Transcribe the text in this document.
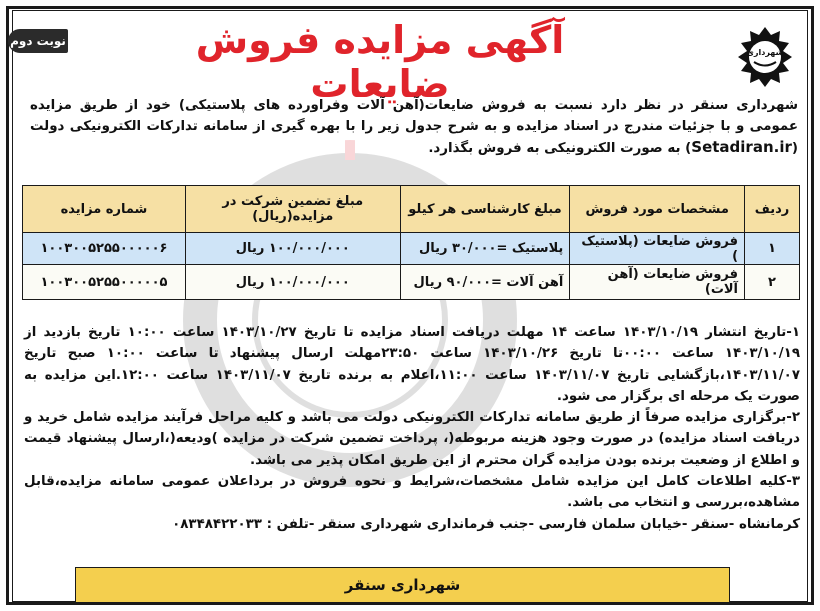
نوبت دوم	آگهی مزایده فروش ضایعات
شهرداری
شهرداری سنقر در نظر دارد نسبت به فروش ضایعات(آهن آلات وفراورده های پلاستیکی) خود از طریق مزایده عمومی و با جزئیات مندرج در اسناد مزایده و به شرح جدول زیر را با بهره گیری از سامانه تدارکات الکترونیکی دولت (Setadiran.ir) به صورت الکترونیکی به فروش بگذارد.
ردیف	مشخصات مورد فروش	مبلغ کارشناسی هر کیلو	مبلغ تضمین شرکت در مزایده(ریال)	شماره مزایده
۱	فروش ضایعات (پلاستیک )	پلاستیک =۳۰/۰۰۰ ریال	۱۰۰/۰۰۰/۰۰۰ ریال	۱۰۰۳۰۰۵۲۵۵۰۰۰۰۰۶
۲	فروش ضایعات (آهن آلات)	آهن آلات =۹۰/۰۰۰ ریال	۱۰۰/۰۰۰/۰۰۰ ریال	۱۰۰۳۰۰۵۲۵۵۰۰۰۰۰۵

۱-تاریخ انتشار ۱۴۰۳/۱۰/۱۹ ساعت ۱۴ مهلت دریافت اسناد مزایده تا تاریخ ۱۴۰۳/۱۰/۲۷ ساعت ۱۰:۰۰ تاریخ بازدید از ۱۴۰۳/۱۰/۱۹ ساعت ۰۰:۰۰تا تاریخ ۱۴۰۳/۱۰/۲۶ ساعت ۲۳:۵۰مهلت ارسال پیشنهاد تا ساعت ۱۰:۰۰ صبح تاریخ ۱۴۰۳/۱۱/۰۷،بازگشایی تاریخ ۱۴۰۳/۱۱/۰۷ ساعت ۱۱:۰۰،اعلام به برنده تاریخ ۱۴۰۳/۱۱/۰۷ ساعت ۱۲:۰۰.این مزایده به صورت یک مرحله ای برگزار می شود.

۲-برگزاری مزایده صرفاً از طریق سامانه تدارکات الکترونیکی دولت می باشد و کلیه مراحل فرآیند مزایده شامل خرید و دریافت اسناد مزایده) در صورت وجود هزینه مربوطه(، پرداخت تضمین شرکت در مزایده )ودیعه(،ارسال پیشنهاد قیمت و اطلاع از وضعیت برنده بودن مزایده گران محترم از این طریق امکان پذیر می باشد.

۳-کلیه اطلاعات کامل این مزایده شامل مشخصات،شرایط و نحوه فروش در برداعلان عمومی سامانه مزایده،قابل مشاهده،بررسی و انتخاب می باشد.

کرمانشاه -سنقر -خیابان سلمان فارسی -جنب فرمانداری شهرداری سنقر -تلفن : ۰۸۳۴۸۴۲۲۰۳۳

شهرداری سنقر
